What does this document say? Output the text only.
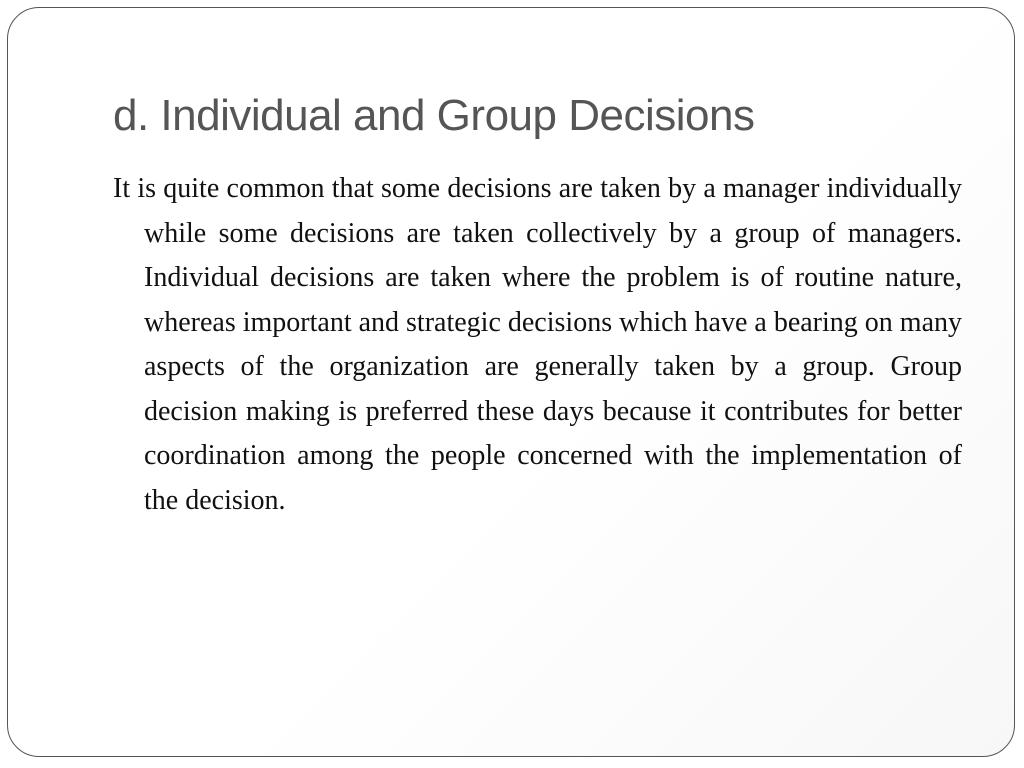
d. Individual and Group Decisions

It is quite common that some decisions are taken by a manager individually while some decisions are taken collectively by a group of managers. Individual decisions are taken where the problem is of routine nature, whereas important and strategic decisions which have a bearing on many aspects of the organization are generally taken by a group. Group decision making is preferred these days because it contributes for better coordination among the people concerned with the implementation of the decision.
